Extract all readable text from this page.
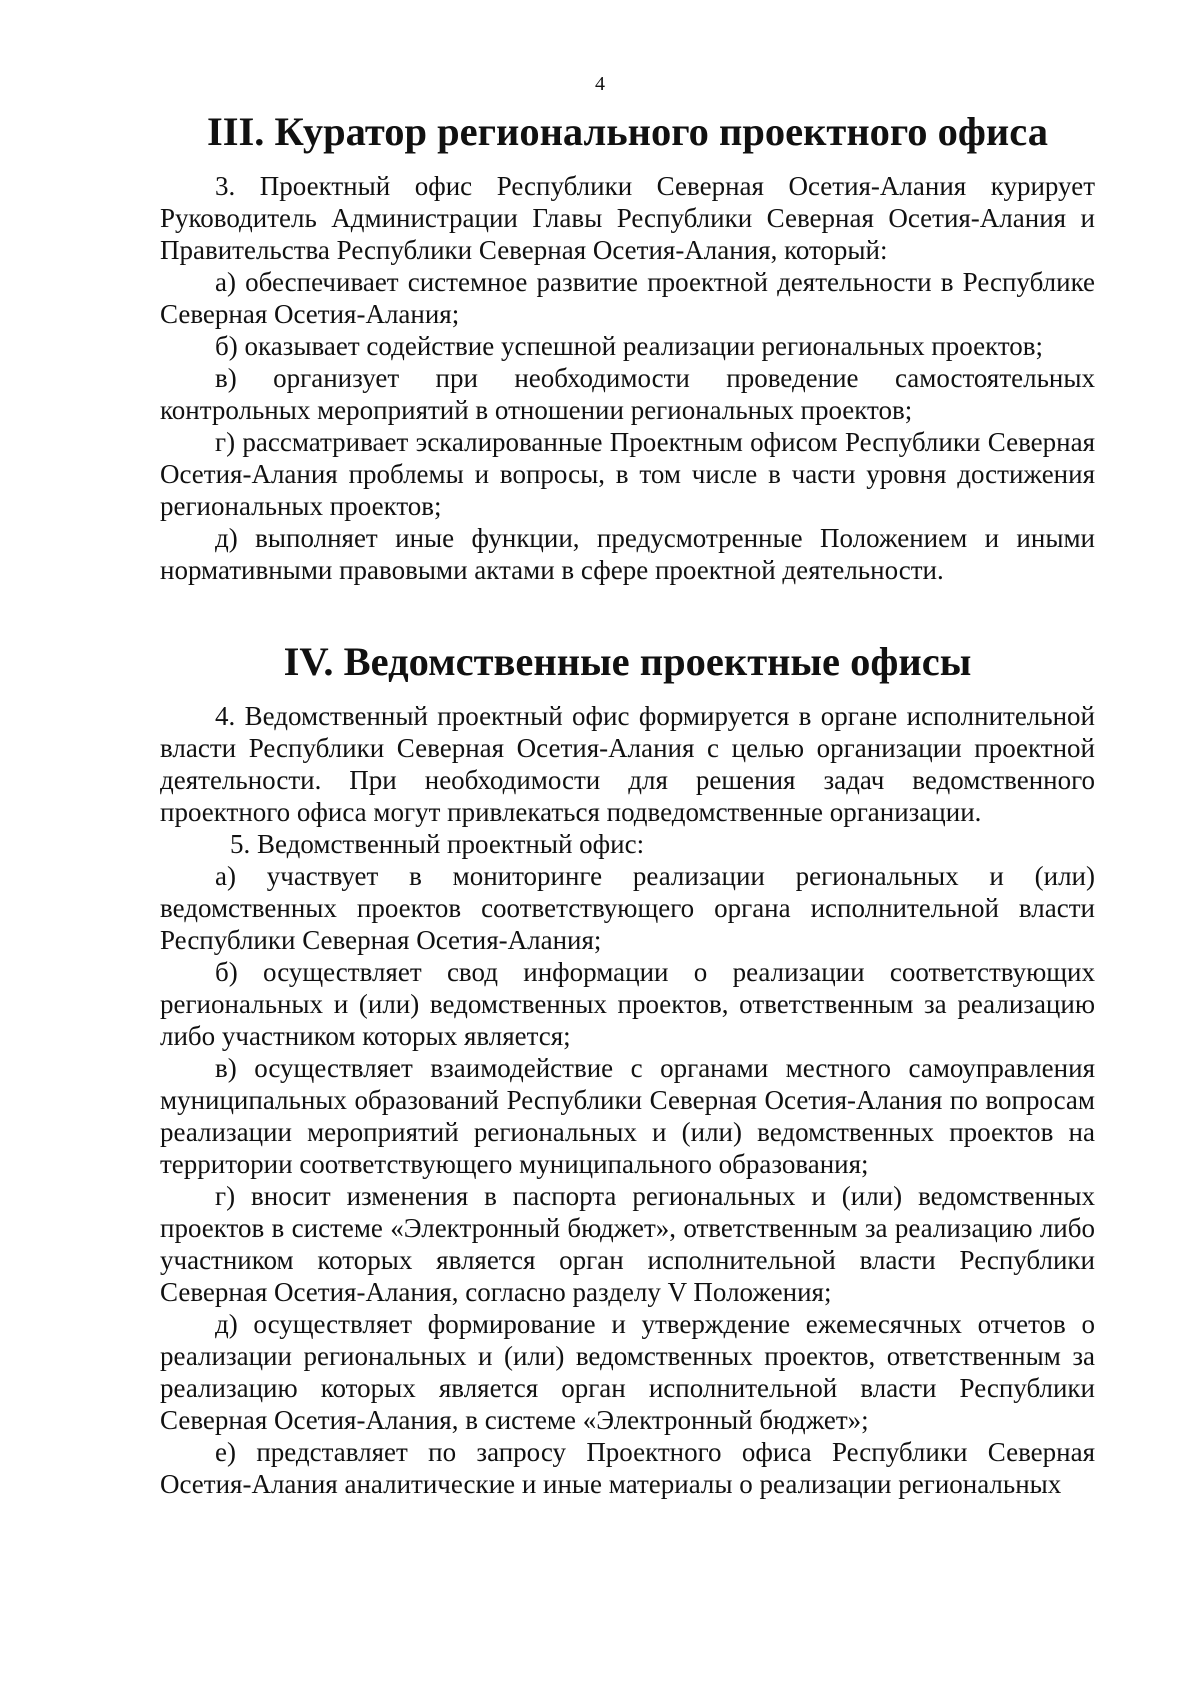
4
III. Куратор регионального проектного офиса

3. Проектный офис Республики Северная Осетия-Алания курирует Руководитель Администрации Главы Республики Северная Осетия-Алания и Правительства Республики Северная Осетия-Алания, который:

а) обеспечивает системное развитие проектной деятельности в Республике Северная Осетия-Алания;

б) оказывает содействие успешной реализации региональных проектов;

в) организует при необходимости проведение самостоятельных контрольных мероприятий в отношении региональных проектов;

г) рассматривает эскалированные Проектным офисом Республики Северная Осетия-Алания проблемы и вопросы, в том числе в части уровня достижения региональных проектов;

д) выполняет иные функции, предусмотренные Положением и иными нормативными правовыми актами в сфере проектной деятельности.

IV. Ведомственные проектные офисы

4. Ведомственный проектный офис формируется в органе исполнительной власти Республики Северная Осетия-Алания с целью организации проектной деятельности. При необходимости для решения задач ведомственного проектного офиса могут привлекаться подведомственные организации.

5. Ведомственный проектный офис:

а) участвует в мониторинге реализации региональных и (или) ведомственных проектов соответствующего органа исполнительной власти Республики Северная Осетия-Алания;

б) осуществляет свод информации о реализации соответствующих региональных и (или) ведомственных проектов, ответственным за реализацию либо участником которых является;

в) осуществляет взаимодействие с органами местного самоуправления муниципальных образований Республики Северная Осетия-Алания по вопросам реализации мероприятий региональных и (или) ведомственных проектов на территории соответствующего муниципального образования;

г) вносит изменения в паспорта региональных и (или) ведомственных проектов в системе «Электронный бюджет», ответственным за реализацию либо участником которых является орган исполнительной власти Республики Северная Осетия-Алания, согласно разделу V Положения;

д) осуществляет формирование и утверждение ежемесячных отчетов о реализации региональных и (или) ведомственных проектов, ответственным за реализацию которых является орган исполнительной власти Республики Северная Осетия-Алания, в системе «Электронный бюджет»;

е) представляет по запросу Проектного офиса Республики Северная Осетия-Алания аналитические и иные материалы о реализации региональных
